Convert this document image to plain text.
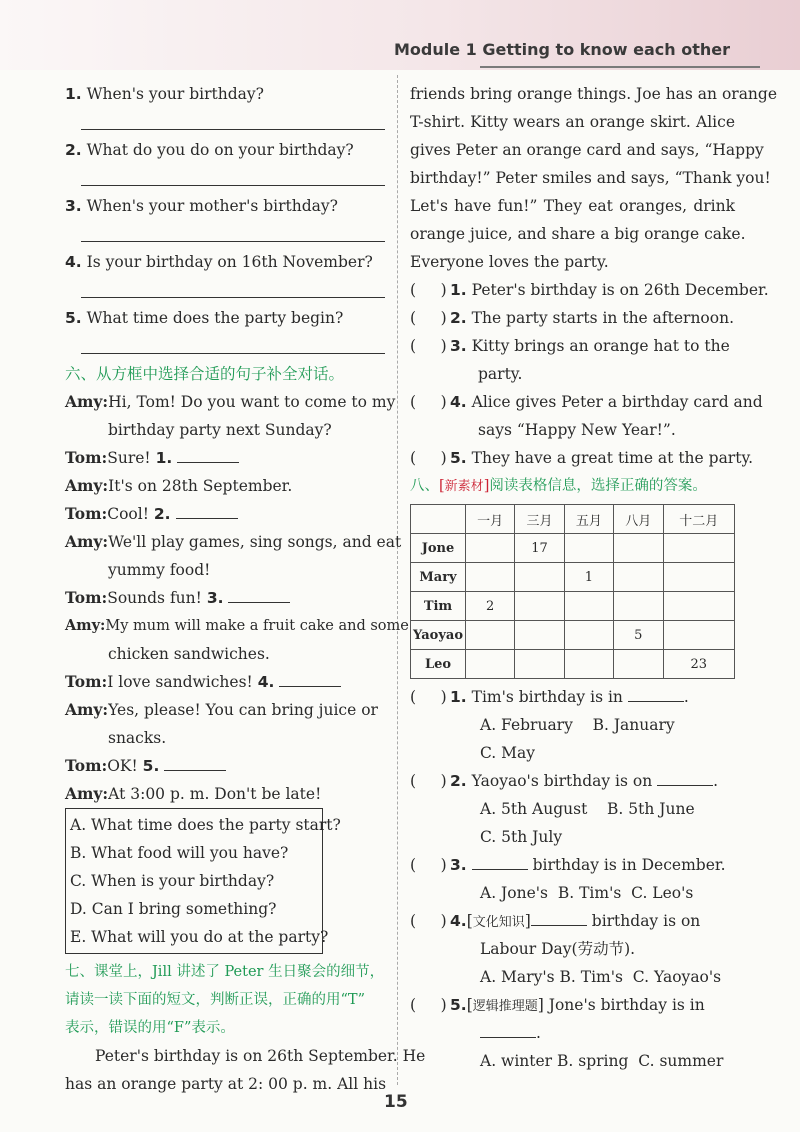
Module 1 Getting to know each other
1. When's your birthday?
2. What do you do on your birthday?
3. When's your mother's birthday?
4. Is your birthday on 16th November?
5. What time does the party begin?
六、从方框中选择合适的句子补全对话。
Amy:Hi, Tom! Do you want to come to my
birthday party next Sunday?
Tom:Sure! 1.
Amy:It's on 28th September.
Tom:Cool! 2.
Amy:We'll play games, sing songs, and eat
yummy food!
Tom:Sounds fun! 3.
Amy:My mum will make a fruit cake and some
chicken sandwiches.
Tom:I love sandwiches! 4.
Amy:Yes, please! You can bring juice or
snacks.
Tom:OK! 5.
Amy:At 3:00 p. m. Don't be late!
A. What time does the party start?
B. What food will you have?
C. When is your birthday?
D. Can I bring something?
E. What will you do at the party?
七、课堂上，Jill 讲述了 Peter 生日聚会的细节，
请读一读下面的短文，判断正误，正确的用“T”
表示，错误的用“F”表示。
Peter's birthday is on 26th September. He
has an orange party at 2: 00 p. m. All his
friends bring orange things. Joe has an orange
T-shirt. Kitty wears an orange skirt. Alice
gives Peter an orange card and says, “Happy
birthday!” Peter smiles and says, “Thank you!
Let's have fun!” They eat oranges, drink
orange juice, and share a big orange cake.
Everyone loves the party.
(     ) 1. Peter's birthday is on 26th December.
(     ) 2. The party starts in the afternoon.
(     ) 3. Kitty brings an orange hat to the
party.
(     ) 4. Alice gives Peter a birthday card and
says “Happy New Year!”.
(     ) 5. They have a great time at the party.
八、[新素材]阅读表格信息，选择正确的答案。
	一月	三月	五月	八月	十二月
Jone		17			
Mary			1		
Tim	2				
Yaoyao				5	
Leo					23
(     ) 1. Tim's birthday is in	.
A. February B. January
C. May
(     ) 2. Yaoyao's birthday is on	.
A. 5th August B. 5th June
C. 5th July
(     ) 3.	birthday is in December.
A. Jone's B. Tim's C. Leo's
(     ) 4.[文化知识]	birthday is on
Labour Day(劳动节).
A. Mary's B. Tim's C. Yaoyao's
(     ) 5.[逻辑推理题] Jone's birthday is in
.
A. winter B. spring C. summer
15
